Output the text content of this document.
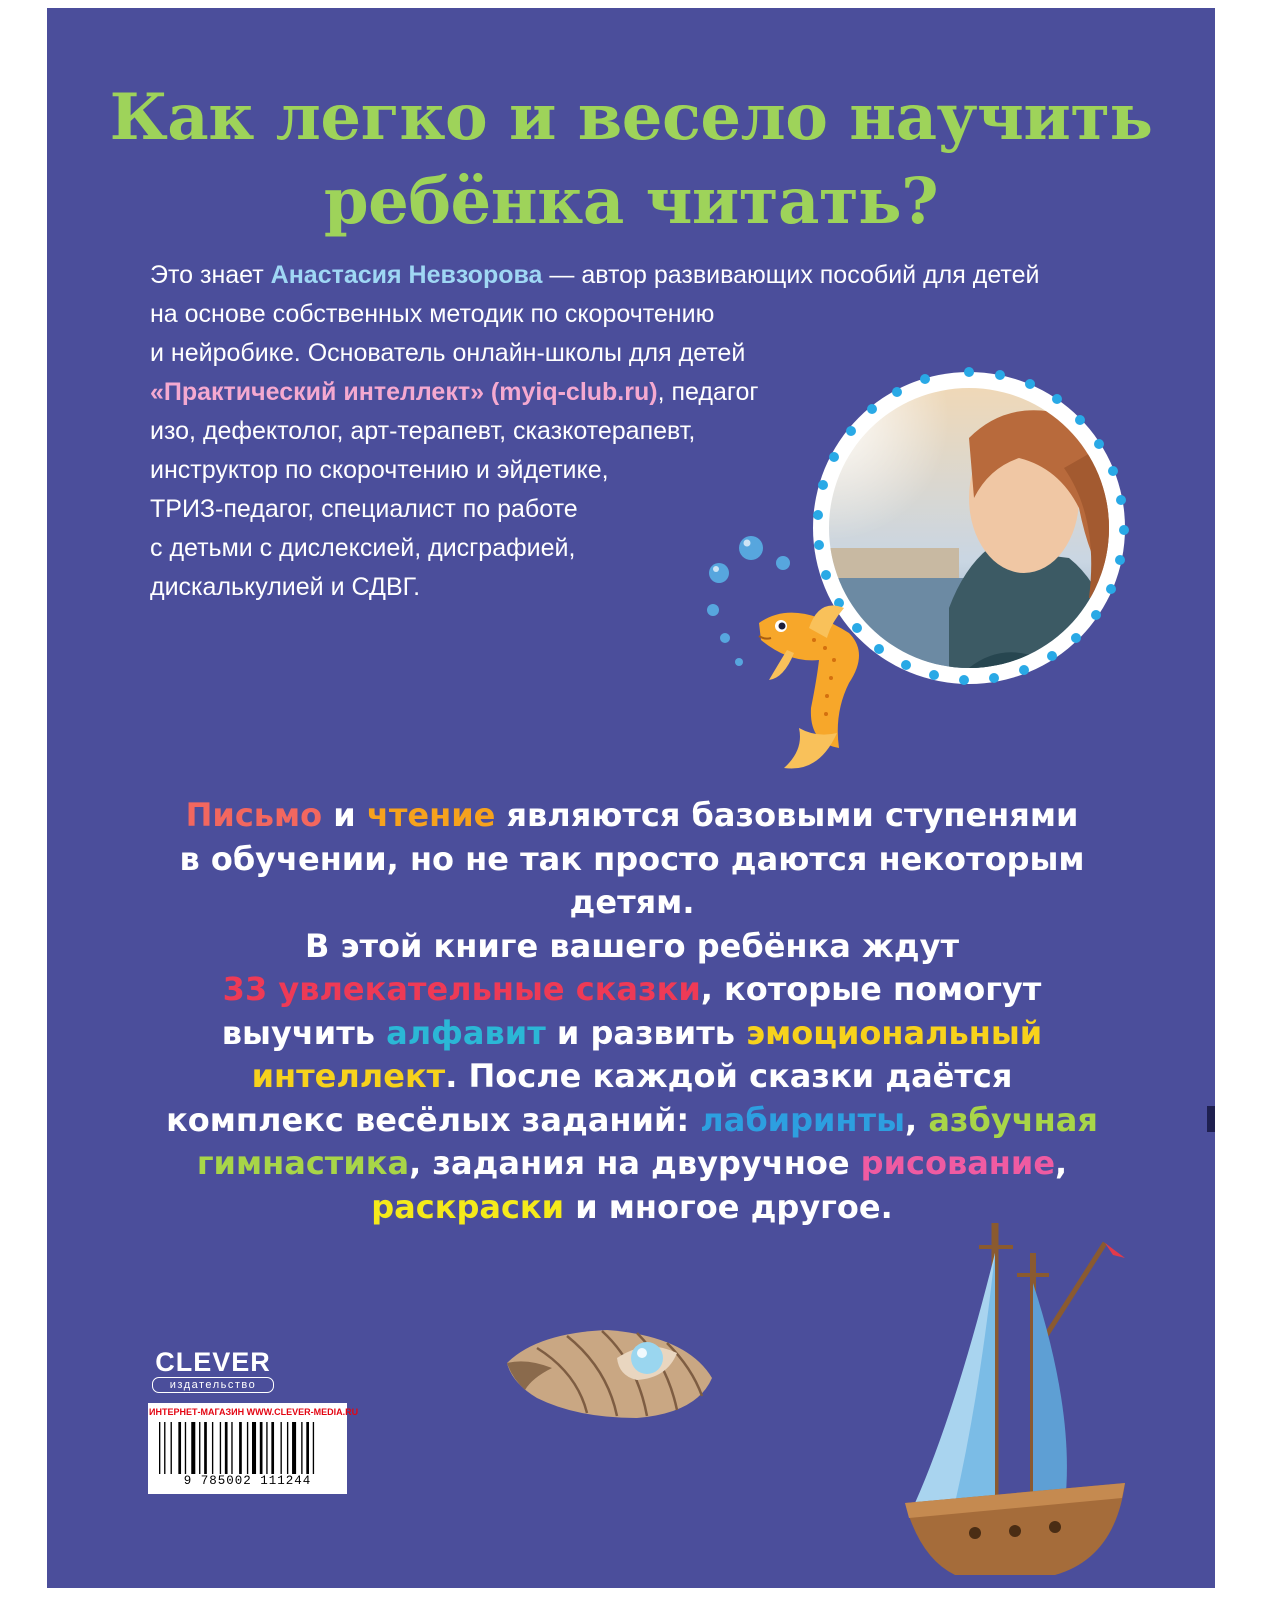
Как легко и весело научить
ребёнка читать?
Это знает Анастасия Невзорова — автор развивающих пособий для детей
на основе собственных методик по скорочтению
и нейробике. Основатель онлайн-школы для детей
«Практический интеллект» (myiq-club.ru), педагог
изо, дефектолог, арт-терапевт, сказкотерапевт,
инструктор по скорочтению и эйдетике,
ТРИЗ-педагог, специалист по работе
с детьми с дислексией, дисграфией,
дискалькулией и СДВГ.
Письмо и чтение являются базовыми ступенями
в обучении, но не так просто даются некоторым
детям.
В этой книге вашего ребёнка ждут
33 увлекательные сказки, которые помогут
выучить алфавит и развить эмоциональный
интеллект. После каждой сказки даётся
комплекс весёлых заданий: лабиринты, азбучная
гимнастика, задания на двуручное рисование,
раскраски и многое другое.
CLEVER
издательство
ИНТЕРНЕТ-МАГАЗИН WWW.CLEVER-MEDIA.RU
9 785002 111244
